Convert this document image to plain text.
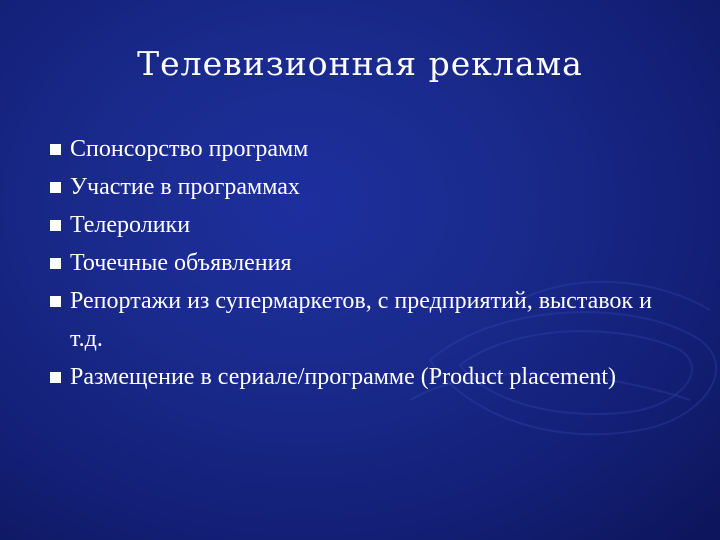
Телевизионная реклама
Спонсорство программ
Участие в программах
Телеролики
Точечные объявления
Репортажи из супермаркетов, с предприятий, выставок и т.д.
Размещение в сериале/программе (Product placement)
